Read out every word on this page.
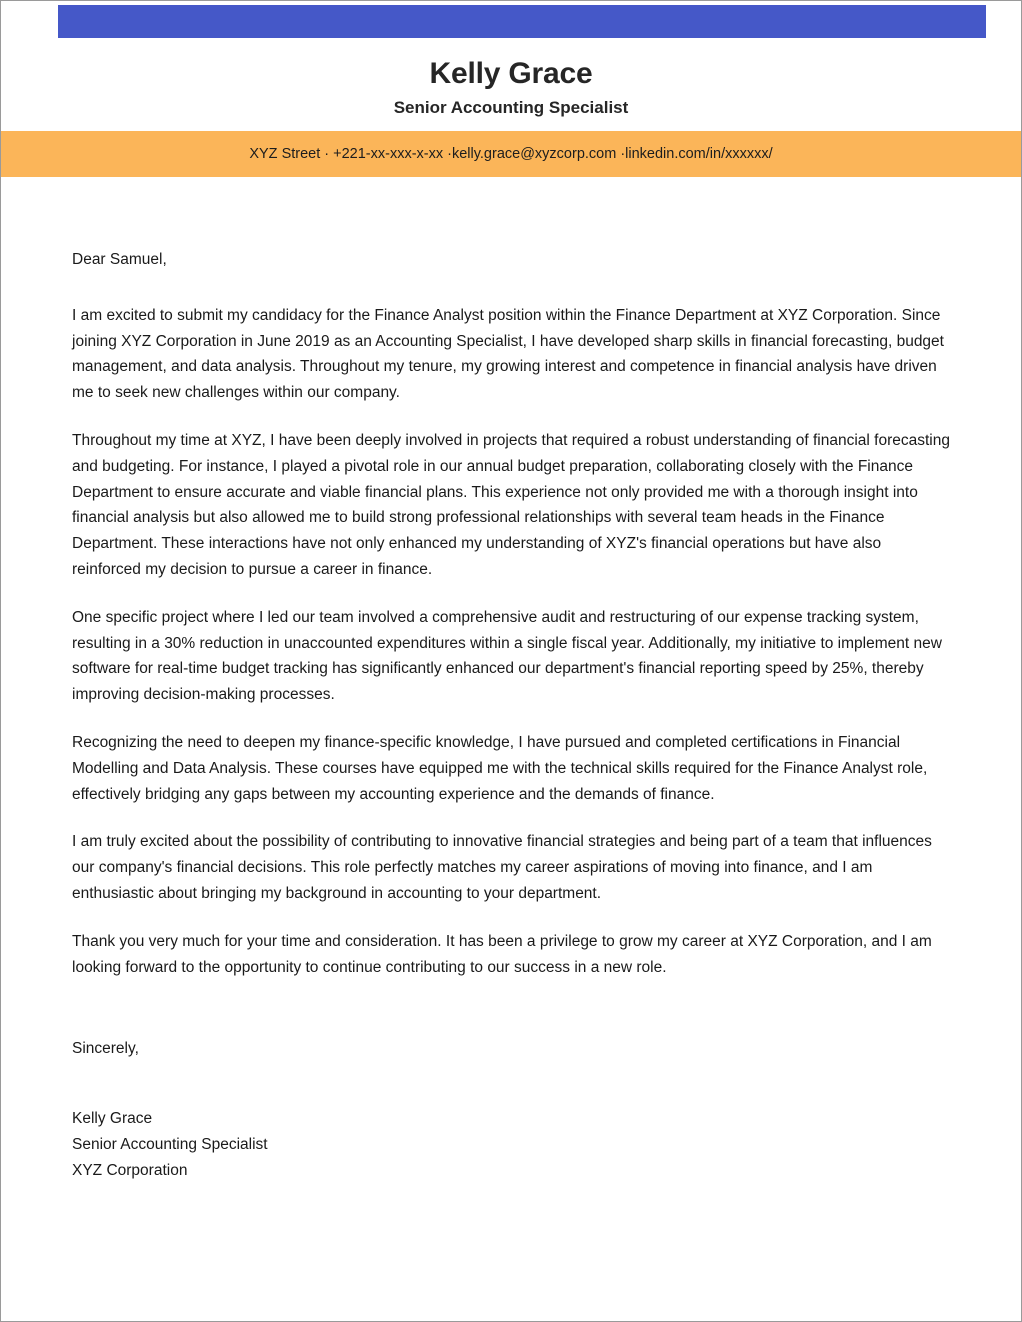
Kelly Grace
Senior Accounting Specialist
XYZ Street · +221-xx-xxx-x-xx ·kelly.grace@xyzcorp.com ·linkedin.com/in/xxxxxx/

Dear Samuel,

I am excited to submit my candidacy for the Finance Analyst position within the Finance Department at XYZ Corporation. Since joining XYZ Corporation in June 2019 as an Accounting Specialist, I have developed sharp skills in financial forecasting, budget management, and data analysis. Throughout my tenure, my growing interest and competence in financial analysis have driven me to seek new challenges within our company.

Throughout my time at XYZ, I have been deeply involved in projects that required a robust understanding of financial forecasting and budgeting. For instance, I played a pivotal role in our annual budget preparation, collaborating closely with the Finance Department to ensure accurate and viable financial plans. This experience not only provided me with a thorough insight into financial analysis but also allowed me to build strong professional relationships with several team heads in the Finance Department. These interactions have not only enhanced my understanding of XYZ's financial operations but have also reinforced my decision to pursue a career in finance.

One specific project where I led our team involved a comprehensive audit and restructuring of our expense tracking system, resulting in a 30% reduction in unaccounted expenditures within a single fiscal year. Additionally, my initiative to implement new software for real-time budget tracking has significantly enhanced our department's financial reporting speed by 25%, thereby improving decision-making processes.

Recognizing the need to deepen my finance-specific knowledge, I have pursued and completed certifications in Financial Modelling and Data Analysis. These courses have equipped me with the technical skills required for the Finance Analyst role, effectively bridging any gaps between my accounting experience and the demands of finance.

I am truly excited about the possibility of contributing to innovative financial strategies and being part of a team that influences our company's financial decisions. This role perfectly matches my career aspirations of moving into finance, and I am enthusiastic about bringing my background in accounting to your department.

Thank you very much for your time and consideration. It has been a privilege to grow my career at XYZ Corporation, and I am looking forward to the opportunity to continue contributing to our success in a new role.

Sincerely,

Kelly Grace

Senior Accounting Specialist

XYZ Corporation
